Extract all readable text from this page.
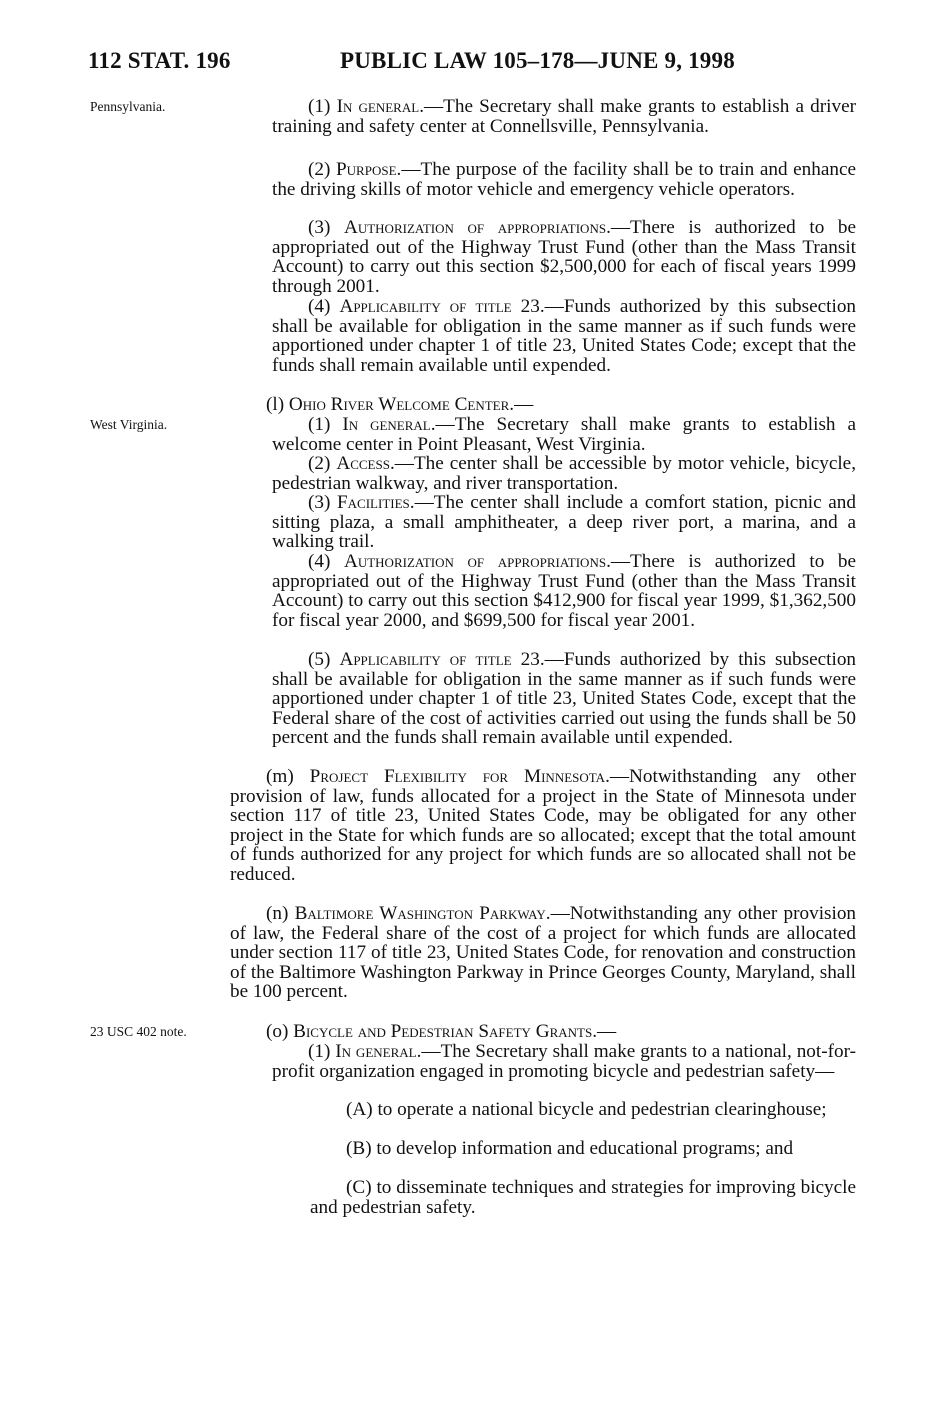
112 STAT. 196	PUBLIC LAW 105–178—JUNE 9, 1998
Pennsylvania.
West Virginia.
23 USC 402 note.

(1) In general.—The Secretary shall make grants to establish a driver training and safety center at Connellsville, Pennsylvania.

(2) Purpose.—The purpose of the facility shall be to train and enhance the driving skills of motor vehicle and emergency vehicle operators.

(3) Authorization of appropriations.—There is authorized to be appropriated out of the Highway Trust Fund (other than the Mass Transit Account) to carry out this section $2,500,000 for each of fiscal years 1999 through 2001.

(4) Applicability of title 23.—Funds authorized by this subsection shall be available for obligation in the same manner as if such funds were apportioned under chapter 1 of title 23, United States Code; except that the funds shall remain available until expended.

(l) Ohio River Welcome Center.—

(1) In general.—The Secretary shall make grants to establish a welcome center in Point Pleasant, West Virginia.

(2) Access.—The center shall be accessible by motor vehicle, bicycle, pedestrian walkway, and river transportation.

(3) Facilities.—The center shall include a comfort station, picnic and sitting plaza, a small amphitheater, a deep river port, a marina, and a walking trail.

(4) Authorization of appropriations.—There is authorized to be appropriated out of the Highway Trust Fund (other than the Mass Transit Account) to carry out this section $412,900 for fiscal year 1999, $1,362,500 for fiscal year 2000, and $699,500 for fiscal year 2001.

(5) Applicability of title 23.—Funds authorized by this subsection shall be available for obligation in the same manner as if such funds were apportioned under chapter 1 of title 23, United States Code, except that the Federal share of the cost of activities carried out using the funds shall be 50 percent and the funds shall remain available until expended.

(m) Project Flexibility for Minnesota.—Notwithstanding any other provision of law, funds allocated for a project in the State of Minnesota under section 117 of title 23, United States Code, may be obligated for any other project in the State for which funds are so allocated; except that the total amount of funds authorized for any project for which funds are so allocated shall not be reduced.

(n) Baltimore Washington Parkway.—Notwithstanding any other provision of law, the Federal share of the cost of a project for which funds are allocated under section 117 of title 23, United States Code, for renovation and construction of the Baltimore Washington Parkway in Prince Georges County, Maryland, shall be 100 percent.

(o) Bicycle and Pedestrian Safety Grants.—

(1) In general.—The Secretary shall make grants to a national, not-for-profit organization engaged in promoting bicycle and pedestrian safety—

(A) to operate a national bicycle and pedestrian clearinghouse;

(B) to develop information and educational programs; and

(C) to disseminate techniques and strategies for improving bicycle and pedestrian safety.
